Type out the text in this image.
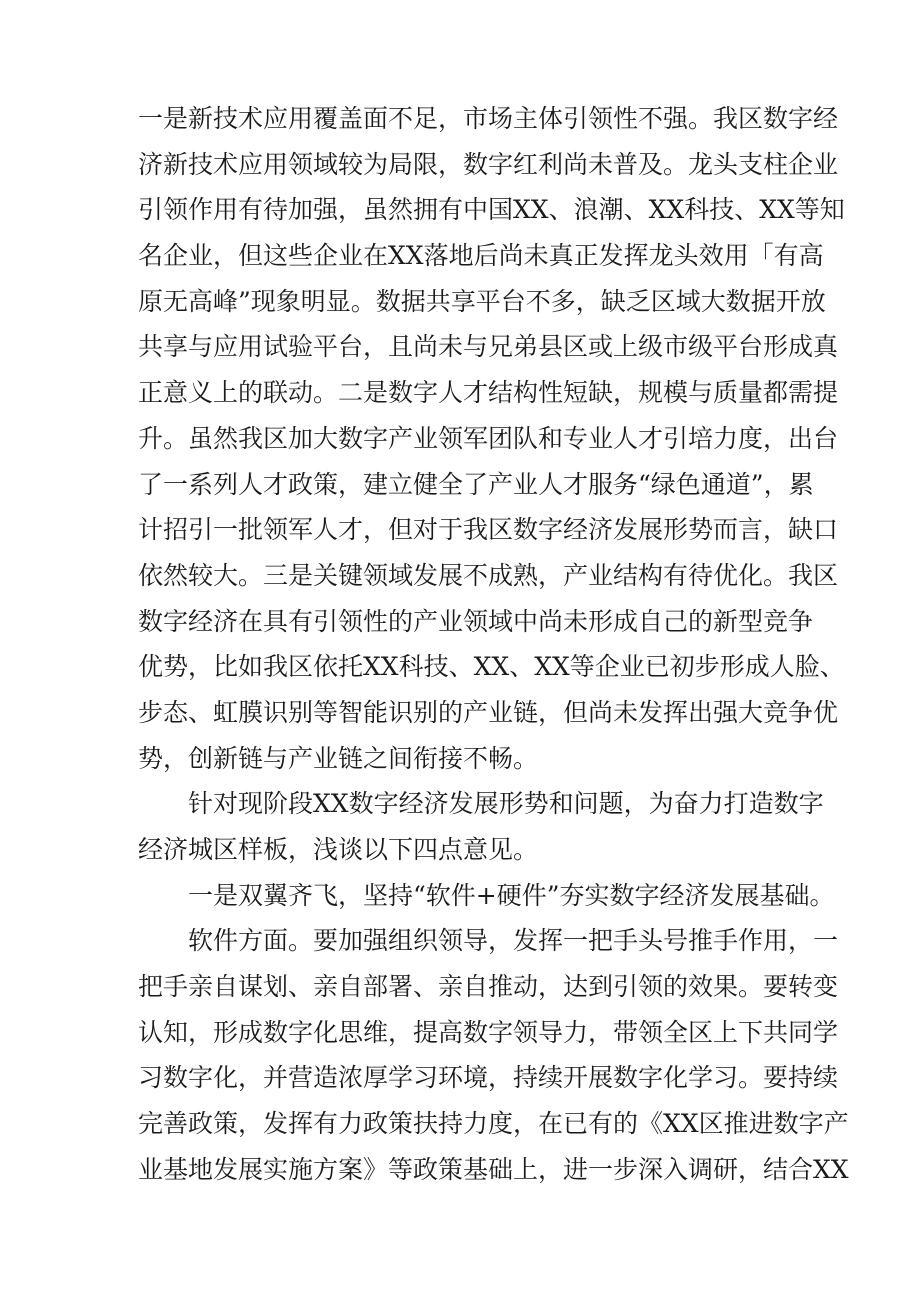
一是新技术应用覆盖面不足，市场主体引领性不强。我区数字经
济新技术应用领域较为局限，数字红利尚未普及。龙头支柱企业
引领作用有待加强，虽然拥有中国XX、浪潮、XX科技、XX等知
名企业，但这些企业在XX落地后尚未真正发挥龙头效用「有高
原无高峰”现象明显。数据共享平台不多，缺乏区域大数据开放
共享与应用试验平台，且尚未与兄弟县区或上级市级平台形成真
正意义上的联动。二是数字人才结构性短缺，规模与质量都需提
升。虽然我区加大数字产业领军团队和专业人才引培力度，出台
了一系列人才政策，建立健全了产业人才服务“绿色通道”，累
计招引一批领军人才，但对于我区数字经济发展形势而言，缺口
依然较大。三是关键领域发展不成熟，产业结构有待优化。我区
数字经济在具有引领性的产业领域中尚未形成自己的新型竞争
优势，比如我区依托XX科技、XX、XX等企业已初步形成人脸、
步态、虹膜识别等智能识别的产业链，但尚未发挥出强大竞争优
势，创新链与产业链之间衔接不畅。
针对现阶段XX数字经济发展形势和问题，为奋力打造数字
经济城区样板，浅谈以下四点意见。
一是双翼齐飞，坚持“软件+硬件”夯实数字经济发展基础。
软件方面。要加强组织领导，发挥一把手头号推手作用，一
把手亲自谋划、亲自部署、亲自推动，达到引领的效果。要转变
认知，形成数字化思维，提高数字领导力，带领全区上下共同学
习数字化，并营造浓厚学习环境，持续开展数字化学习。要持续
完善政策，发挥有力政策扶持力度，在已有的《XX区推进数字产
业基地发展实施方案》等政策基础上，进一步深入调研，结合XX
